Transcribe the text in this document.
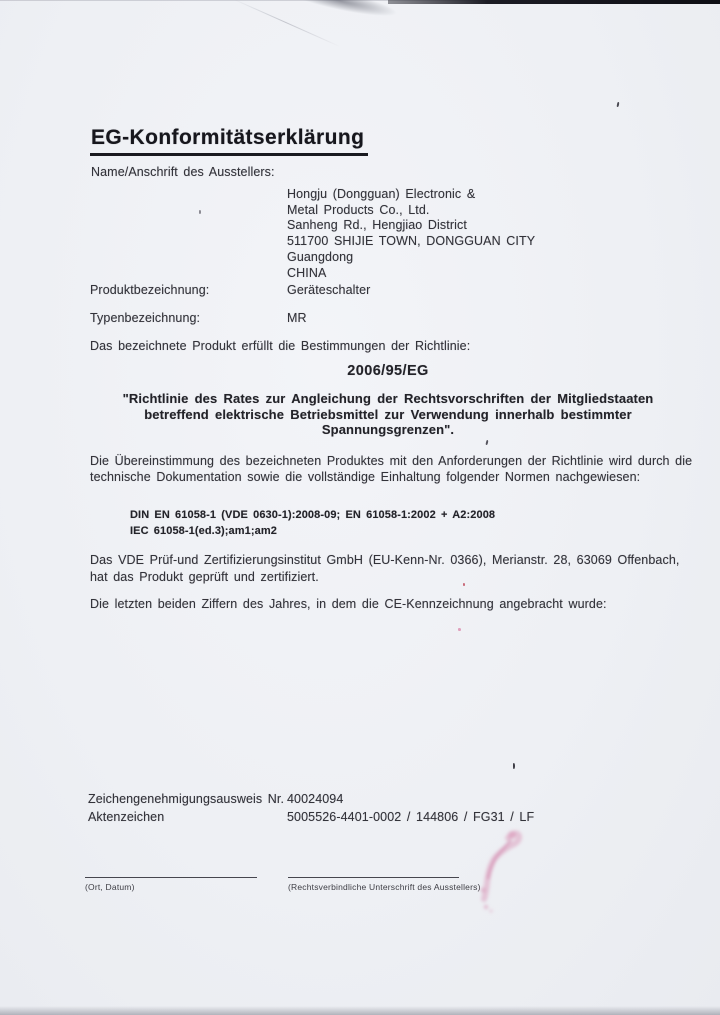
EG-Konformitätserklärung
Name/Anschrift des Ausstellers:
Hongju (Dongguan) Electronic &
Metal Products Co., Ltd.
Sanheng Rd., Hengjiao District
511700 SHIJIE TOWN, DONGGUAN CITY
Guangdong
CHINA
Produktbezeichnung:	Geräteschalter
Typenbezeichnung:	MR
Das bezeichnete Produkt erfüllt die Bestimmungen der Richtlinie:
2006/95/EG
"Richtlinie des Rates zur Angleichung der Rechtsvorschriften der Mitgliedstaaten
betreffend elektrische Betriebsmittel zur Verwendung innerhalb bestimmter
Spannungsgrenzen".
Die Übereinstimmung des bezeichneten Produktes mit den Anforderungen der Richtlinie wird durch die
technische Dokumentation sowie die vollständige Einhaltung folgender Normen nachgewiesen:
DIN EN 61058-1 (VDE 0630-1):2008-09; EN 61058-1:2002 + A2:2008
IEC 61058-1(ed.3);am1;am2
Das VDE Prüf-und Zertifizierungsinstitut GmbH (EU-Kenn-Nr. 0366), Merianstr. 28, 63069 Offenbach,
hat das Produkt geprüft und zertifiziert.
Die letzten beiden Ziffern des Jahres, in dem die CE-Kennzeichnung angebracht wurde:
Zeichengenehmigungsausweis Nr. 40024094
Aktenzeichen	5005526-4401-0002 / 144806 / FG31 / LF
(Ort, Datum)	(Rechtsverbindliche Unterschrift des Ausstellers)
